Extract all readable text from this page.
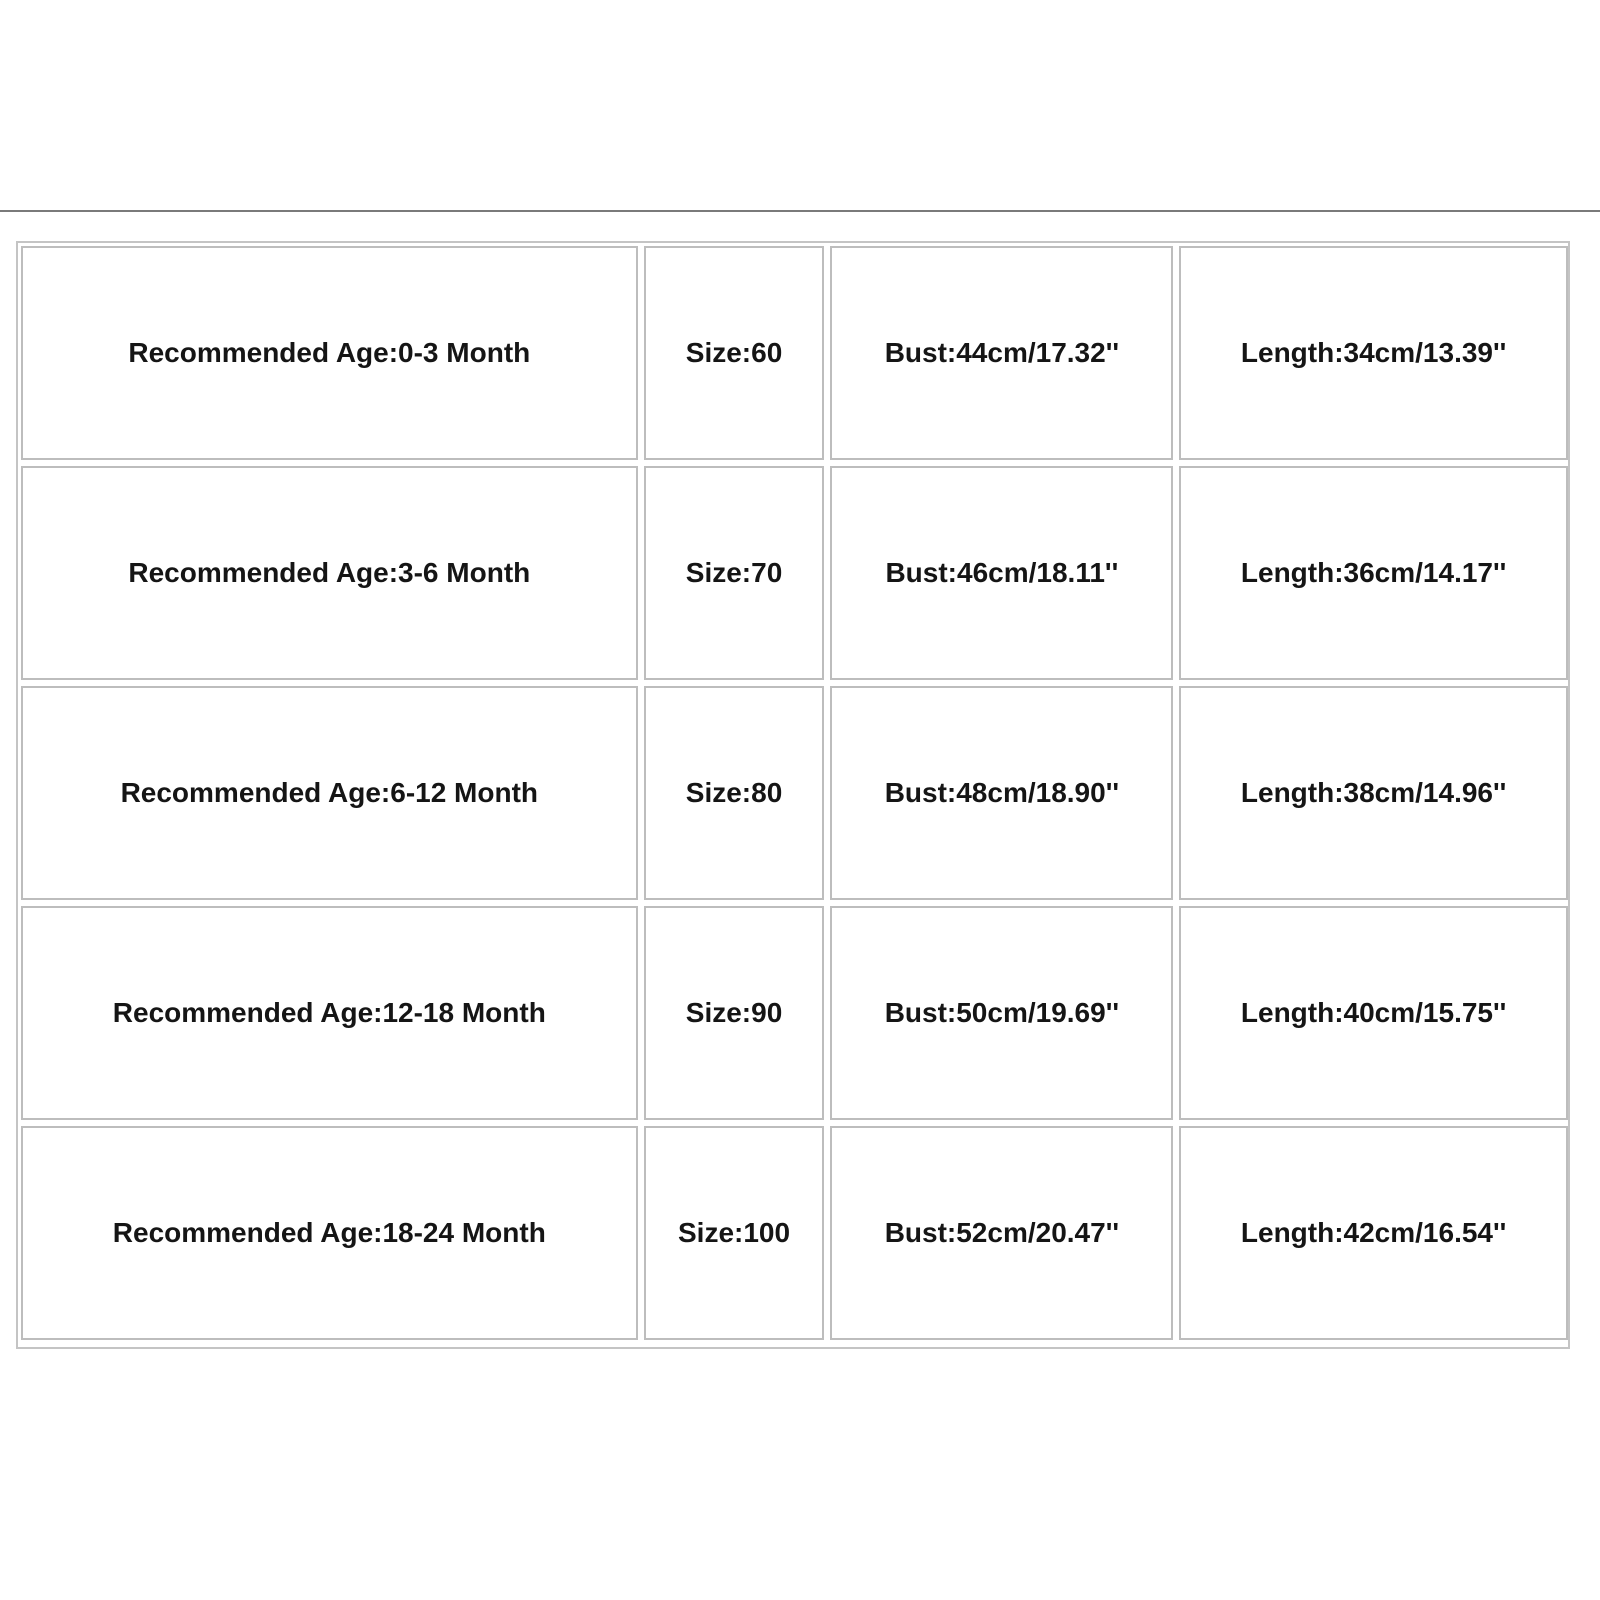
Recommended Age:0-3 Month	Size:60	Bust:44cm/17.32''	Length:34cm/13.39''
Recommended Age:3-6 Month	Size:70	Bust:46cm/18.11''	Length:36cm/14.17''
Recommended Age:6-12 Month	Size:80	Bust:48cm/18.90''	Length:38cm/14.96''
Recommended Age:12-18 Month	Size:90	Bust:50cm/19.69''	Length:40cm/15.75''
Recommended Age:18-24 Month	Size:100	Bust:52cm/20.47''	Length:42cm/16.54''
